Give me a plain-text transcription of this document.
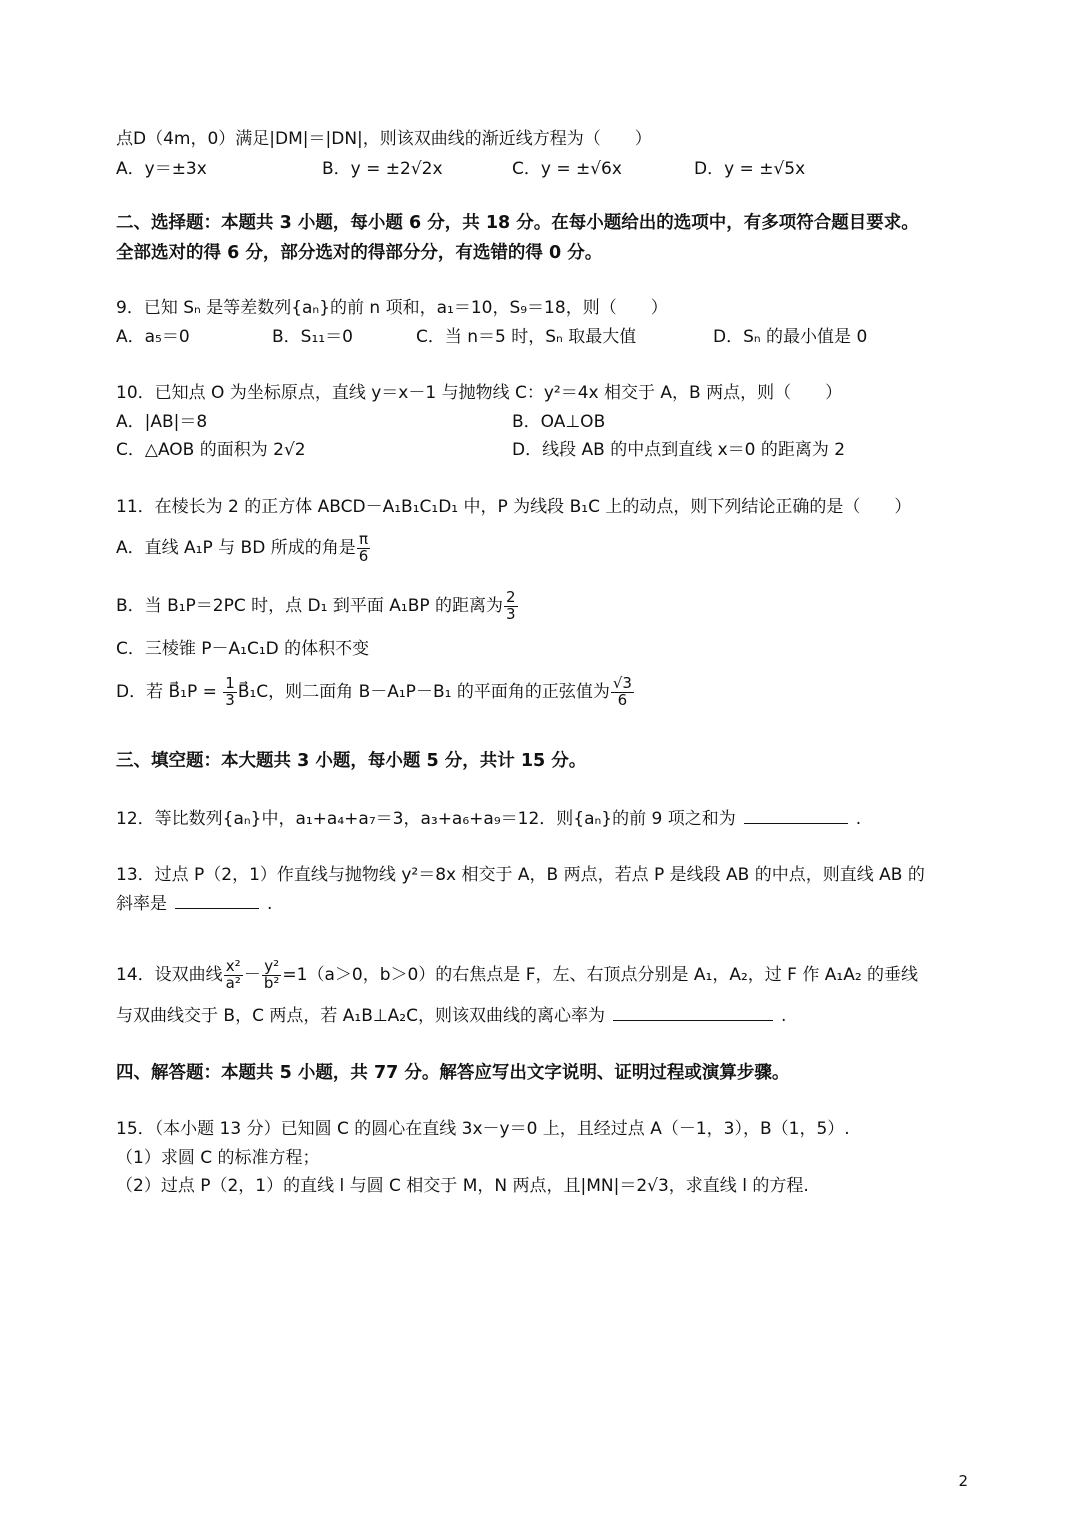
点D（4m，0）满足|DM|＝|DN|，则该双曲线的渐近线方程为（　　）
A．y＝±3x	B．y = ±2√2x	C．y = ±√6x	D．y = ±√5x
二、选择题：本题共 3 小题，每小题 6 分，共 18 分。在每小题给出的选项中，有多项符合题目要求。
全部选对的得 6 分，部分选对的得部分分，有选错的得 0 分。
9．已知 Sₙ 是等差数列{aₙ}的前 n 项和，a₁＝10，S₉＝18，则（　　）
A．a₅＝0	B．S₁₁＝0	C．当 n＝5 时，Sₙ 取最大值	D．Sₙ 的最小值是 0
10．已知点 O 为坐标原点，直线 y＝x－1 与抛物线 C：y²＝4x 相交于 A，B 两点，则（　　）
A．|AB|＝8	B．OA⊥OB
C．△AOB 的面积为 2√2	D．线段 AB 的中点到直线 x＝0 的距离为 2
11．在棱长为 2 的正方体 ABCD－A₁B₁C₁D₁ 中，P 为线段 B₁C 上的动点，则下列结论正确的是（　　）
A．直线 A₁P 与 BD 所成的角是 $\frac{\pi}{6}$
B．当 B₁P＝2PC 时，点 D₁ 到平面 A₁BP 的距离为 $\frac{2}{3}$
C．三棱锥 P－A₁C₁D 的体积不变
D．若 B⃗₁P = $\frac{1}{3}$ B⃗₁C，则二面角 B－A₁P－B₁ 的平面角的正弦值为 $\frac{√3}{6}$
三、填空题：本大题共 3 小题，每小题 5 分，共计 15 分。
12．等比数列{aₙ}中，a₁+a₄+a₇＝3，a₃+a₆+a₉＝12．则{aₙ}的前 9 项之和为	.
13．过点 P（2，1）作直线与抛物线 y²＝8x 相交于 A，B 两点，若点 P 是线段 AB 的中点，则直线 AB 的
斜率是	.
14．设双曲线 $\frac{\text{x²}}{\text{a²}} - \frac{\text{y²}}{\text{b²}} =1(a>0$，b＞0）的右焦点是 F，左、右顶点分别是 A₁，A₂，过 F 作 A₁A₂ 的垂线
与双曲线交于 B，C 两点，若 A₁B⊥A₂C，则该双曲线的离心率为	.
四、解答题：本题共 5 小题，共 77 分。解答应写出文字说明、证明过程或演算步骤。
15．（本小题 13 分）已知圆 C 的圆心在直线 3x－y＝0 上，且经过点 A（－1，3），B（1，5）.
（1）求圆 C 的标准方程；
（2）过点 P（2，1）的直线 l 与圆 C 相交于 M，N 两点，且|MN|＝2√3，求直线 l 的方程.
2
